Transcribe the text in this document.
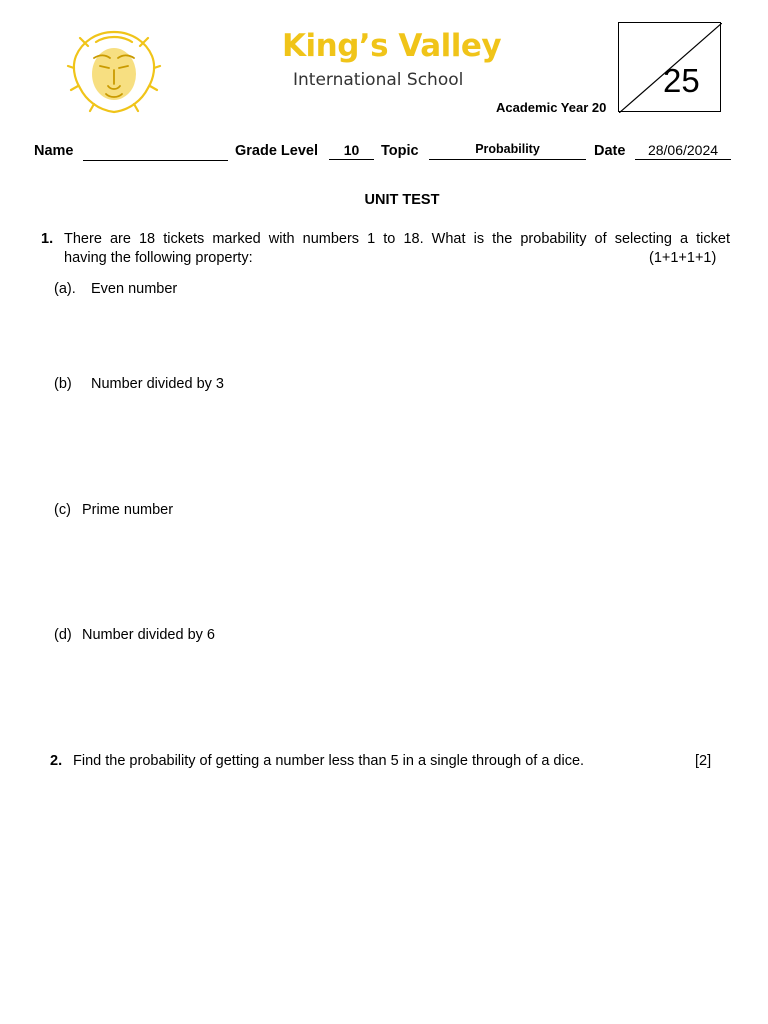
King’s Valley
International School
Academic Year 20
25
Name	Grade Level	10	Topic	Probability	Date	28/06/2024
UNIT TEST
1. There are 18 tickets marked with numbers 1 to 18. What is the probability of selecting a ticket
having the following property:	(1+1+1+1)
(a). Even number
(b) Number divided by 3
(c) Prime number
(d) Number divided by 6
2. Find the probability of getting a number less than 5 in a single through of a dice.	[2]
